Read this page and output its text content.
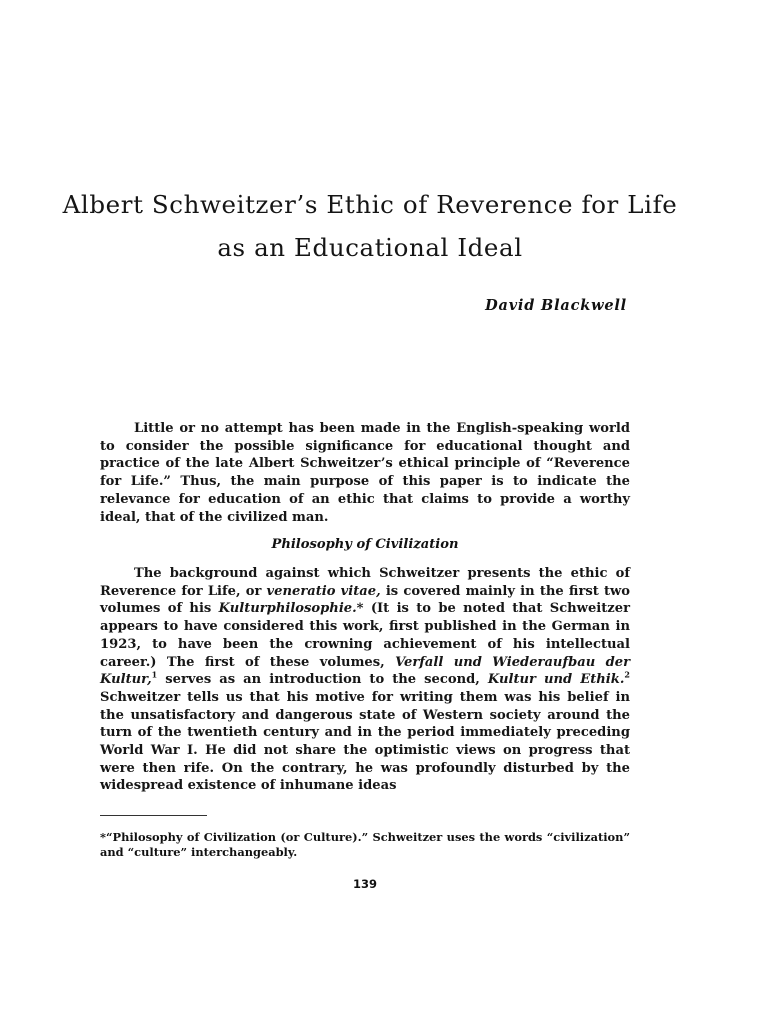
Albert Schweitzer’s Ethic of Reverence for Life as an Educational Ideal
David Blackwell

Little or no attempt has been made in the English-speaking world to consider the possible significance for educational thought and practice of the late Albert Schweitzer’s ethical principle of “Reverence for Life.” Thus, the main purpose of this paper is to indicate the relevance for education of an ethic that claims to provide a worthy ideal, that of the civilized man.

Philosophy of Civilization

The background against which Schweitzer presents the ethic of Reverence for Life, or veneratio vitae, is covered mainly in the first two volumes of his Kulturphilosophie.* (It is to be noted that Schweitzer appears to have considered this work, first published in the German in 1923, to have been the crowning achievement of his intellectual career.) The first of these volumes, Verfall und Wiederaufbau der Kultur,$^1$ serves as an introduction to the second, Kultur und Ethik.$^2$ Schweitzer tells us that his motive for writing them was his belief in the unsatisfactory and dangerous state of Western society around the turn of the twentieth century and in the period immediately preceding World War I. He did not share the optimistic views on progress that were then rife. On the contrary, he was profoundly disturbed by the widespread existence of inhumane ideas

*“Philosophy of Civilization (or Culture).” Schweitzer uses the words “civilization” and “culture” interchangeably.
139
